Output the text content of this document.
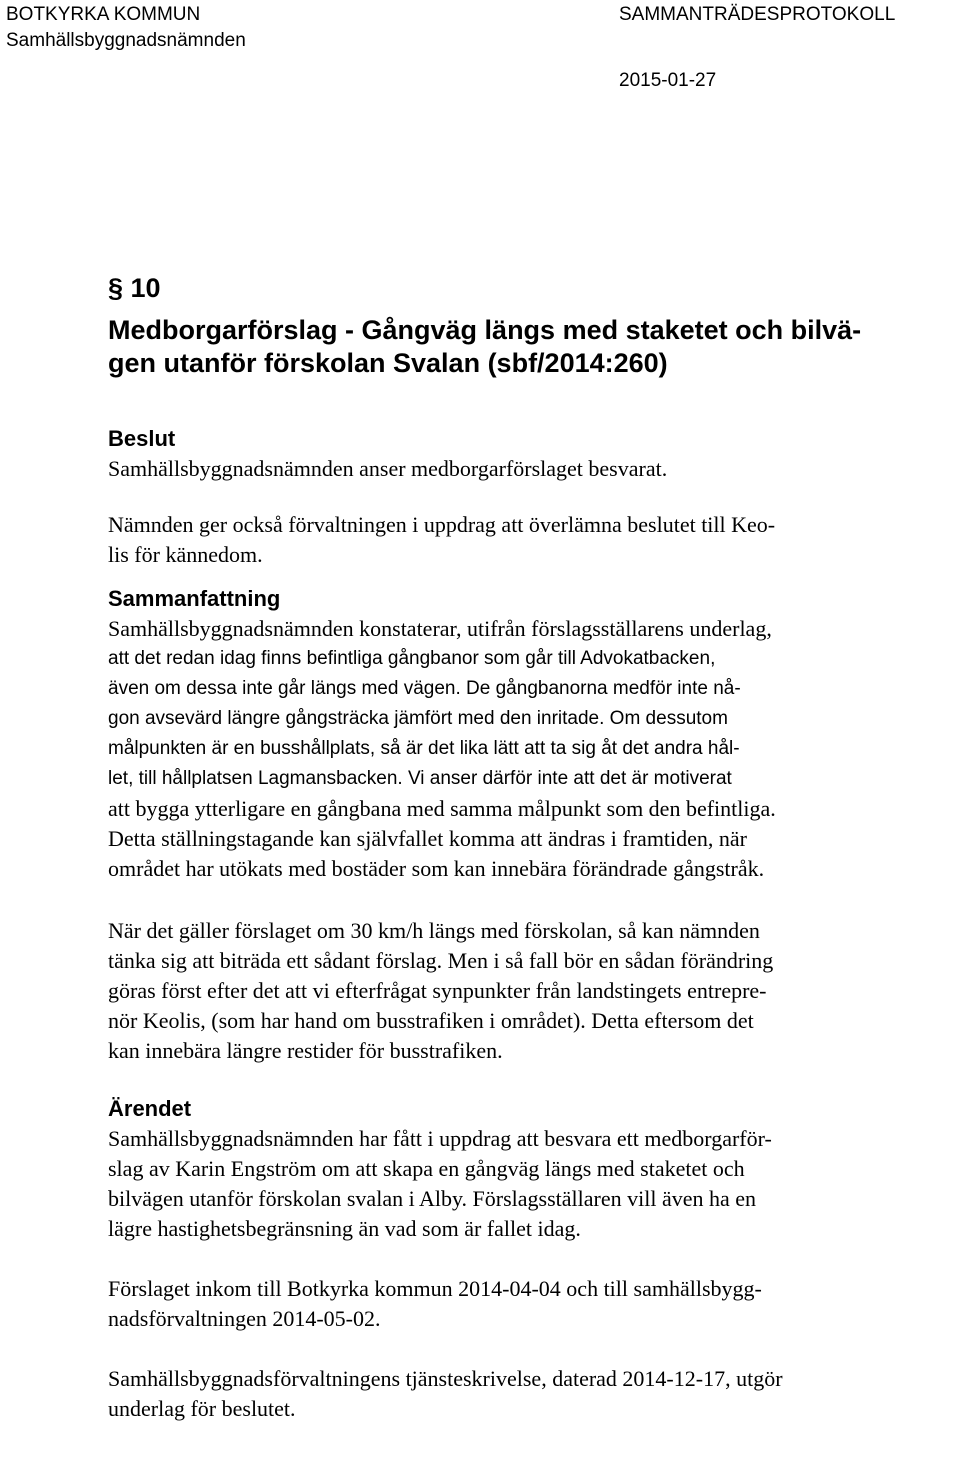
BOTKYRKA KOMMUN
Samhällsbyggnadsnämnden
SAMMANTRÄDESPROTOKOLL
2015-01-27
§ 10
Medborgarförslag - Gångväg längs med staketet och bilvä-
gen utanför förskolan Svalan (sbf/2014:260)
Beslut
Samhällsbyggnadsnämnden anser medborgarförslaget besvarat.
Nämnden ger också förvaltningen i uppdrag att överlämna beslutet till Keo-
lis för kännedom.
Sammanfattning
Samhällsbyggnadsnämnden konstaterar, utifrån förslagsställarens underlag,
att det redan idag finns befintliga gångbanor som går till Advokatbacken,
även om dessa inte går längs med vägen. De gångbanorna medför inte nå-
gon avsevärd längre gångsträcka jämfört med den inritade. Om dessutom
målpunkten är en busshållplats, så är det lika lätt att ta sig åt det andra hål-
let, till hållplatsen Lagmansbacken. Vi anser därför inte att det är motiverat
att bygga ytterligare en gångbana med samma målpunkt som den befintliga.
Detta ställningstagande kan självfallet komma att ändras i framtiden, när
området har utökats med bostäder som kan innebära förändrade gångstråk.
När det gäller förslaget om 30 km/h längs med förskolan, så kan nämnden
tänka sig att biträda ett sådant förslag. Men i så fall bör en sådan förändring
göras först efter det att vi efterfrågat synpunkter från landstingets entrepre-
nör Keolis, (som har hand om busstrafiken i området). Detta eftersom det
kan innebära längre restider för busstrafiken.
Ärendet
Samhällsbyggnadsnämnden har fått i uppdrag att besvara ett medborgarför-
slag av Karin Engström om att skapa en gångväg längs med staketet och
bilvägen utanför förskolan svalan i Alby. Förslagsställaren vill även ha en
lägre hastighetsbegränsning än vad som är fallet idag.
Förslaget inkom till Botkyrka kommun 2014-04-04 och till samhällsbygg-
nadsförvaltningen 2014-05-02.
Samhällsbyggnadsförvaltningens tjänsteskrivelse, daterad 2014-12-17, utgör
underlag för beslutet.
